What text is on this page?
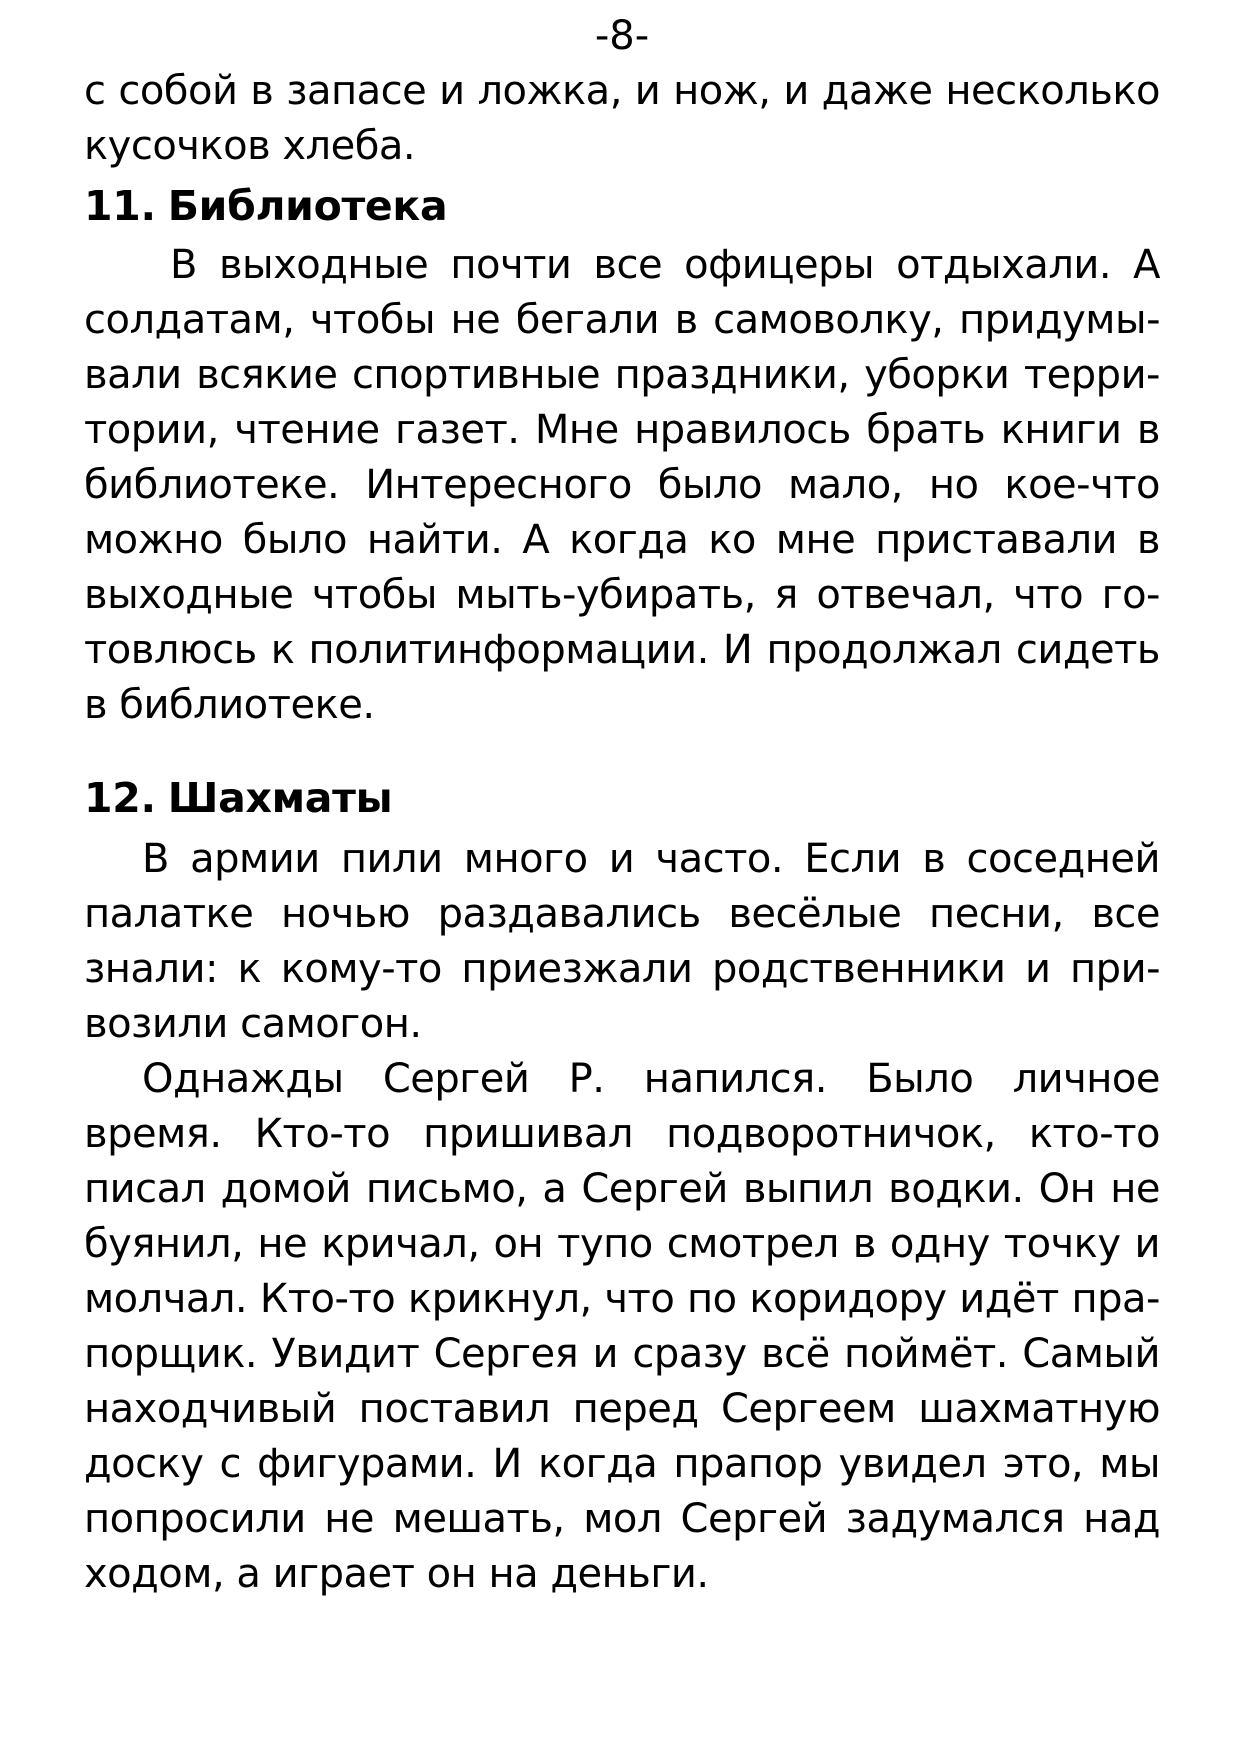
-8-
с собой в запасе и ложка, и нож, и даже несколько
кусочков хлеба.
11. Библиотека
В выходные почти все офицеры отдыхали. А
солдатам, чтобы не бегали в самоволку, придумы-
вали всякие спортивные праздники, уборки терри-
тории, чтение газет. Мне нравилось брать книги в
библиотеке. Интересного было мало, но кое-что
можно было найти. А когда ко мне приставали в
выходные чтобы мыть-убирать, я отвечал, что го-
товлюсь к политинформации. И продолжал сидеть
в библиотеке.
12. Шахматы
В армии пили много и часто. Если в соседней
палатке ночью раздавались весёлые песни, все
знали: к кому-то приезжали родственники и при-
возили самогон.
Однажды Сергей Р. напился. Было личное
время. Кто-то пришивал подворотничок, кто-то
писал домой письмо, а Сергей выпил водки. Он не
буянил, не кричал, он тупо смотрел в одну точку и
молчал. Кто-то крикнул, что по коридору идёт пра-
порщик. Увидит Сергея и сразу всё поймёт. Самый
находчивый поставил перед Сергеем шахматную
доску с фигурами. И когда прапор увидел это, мы
попросили не мешать, мол Сергей задумался над
ходом, а играет он на деньги.
